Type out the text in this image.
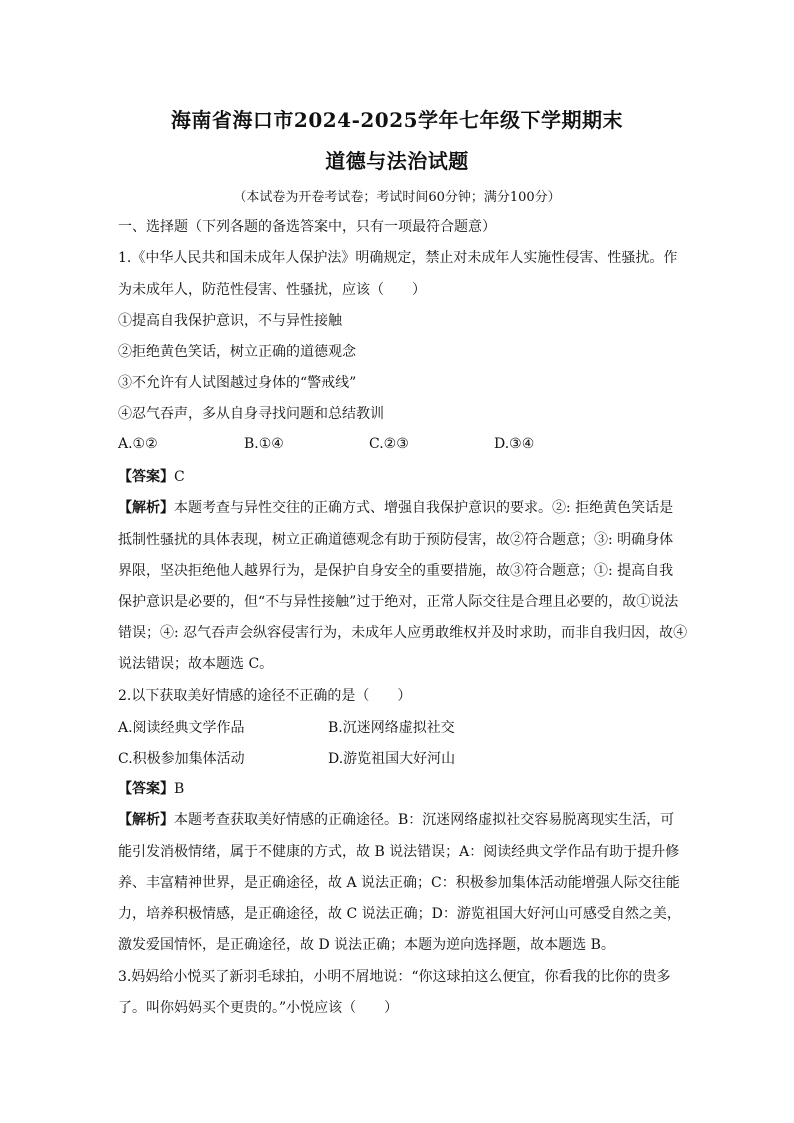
海南省海口市2024-2025学年七年级下学期期末
道德与法治试题
（本试卷为开卷考试卷；考试时间60分钟；满分100分）
一、选择题（下列各题的备选答案中，只有一项最符合题意）
1.《中华人民共和国未成年人保护法》明确规定，禁止对未成年人实施性侵害、性骚扰。作
为未成年人，防范性侵害、性骚扰，应该（　　）
①提高自我保护意识，不与异性接触
②拒绝黄色笑话，树立正确的道德观念
③不允许有人试图越过身体的“警戒线”
④忍气吞声，多从自身寻找问题和总结教训
A.①②	B.①④	C.②③	D.③④
【答案】C
【解析】本题考查与异性交往的正确方式、增强自我保护意识的要求。②: 拒绝黄色笑话是
抵制性骚扰的具体表现，树立正确道德观念有助于预防侵害，故②符合题意；③: 明确身体
界限，坚决拒绝他人越界行为，是保护自身安全的重要措施，故③符合题意；①: 提高自我
保护意识是必要的，但“不与异性接触”过于绝对，正常人际交往是合理且必要的，故①说法
错误；④: 忍气吞声会纵容侵害行为，未成年人应勇敢维权并及时求助，而非自我归因，故④
说法错误；故本题选 C。
2.以下获取美好情感的途径不正确的是（　　）
A.阅读经典文学作品	B.沉迷网络虚拟社交
C.积极参加集体活动	D.游览祖国大好河山
【答案】B
【解析】本题考查获取美好情感的正确途径。B：沉迷网络虚拟社交容易脱离现实生活，可
能引发消极情绪，属于不健康的方式，故 B 说法错误；A：阅读经典文学作品有助于提升修
养、丰富精神世界，是正确途径，故 A 说法正确；C：积极参加集体活动能增强人际交往能
力，培养积极情感，是正确途径，故 C 说法正确；D：游览祖国大好河山可感受自然之美，
激发爱国情怀，是正确途径，故 D 说法正确；本题为逆向选择题，故本题选 B。
3.妈妈给小悦买了新羽毛球拍，小明不屑地说：“你这球拍这么便宜，你看我的比你的贵多
了。叫你妈妈买个更贵的。”小悦应该（　　）
